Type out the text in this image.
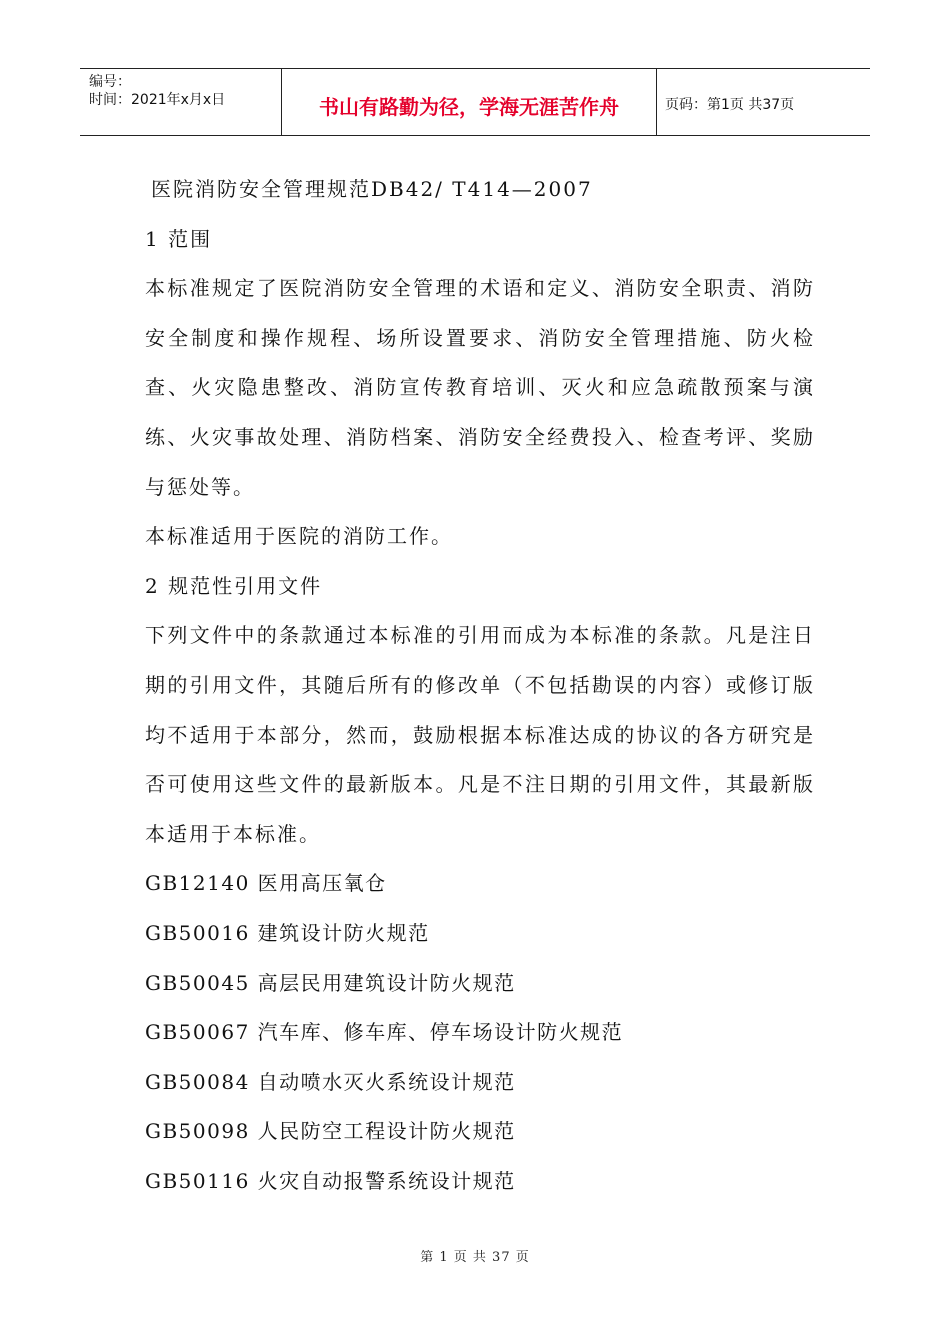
编号：
时间：2021年x月x日	书山有路勤为径，学海无涯苦作舟	页码：第1页 共37页

医院消防安全管理规范DB42/ T414—2007

1 范围

本标准规定了医院消防安全管理的术语和定义、消防安全职责、消防安全制度和操作规程、场所设置要求、消防安全管理措施、防火检查、火灾隐患整改、消防宣传教育培训、灭火和应急疏散预案与演练、火灾事故处理、消防档案、消防安全经费投入、检查考评、奖励与惩处等。

本标准适用于医院的消防工作。

2 规范性引用文件

下列文件中的条款通过本标准的引用而成为本标准的条款。凡是注日期的引用文件，其随后所有的修改单（不包括勘误的内容）或修订版均不适用于本部分，然而，鼓励根据本标准达成的协议的各方研究是否可使用这些文件的最新版本。凡是不注日期的引用文件，其最新版本适用于本标准。

GB12140 医用高压氧仓

GB50016 建筑设计防火规范

GB50045 高层民用建筑设计防火规范

GB50067 汽车库、修车库、停车场设计防火规范

GB50084 自动喷水灭火系统设计规范

GB50098 人民防空工程设计防火规范

GB50116 火灾自动报警系统设计规范

第 1 页 共 37 页
